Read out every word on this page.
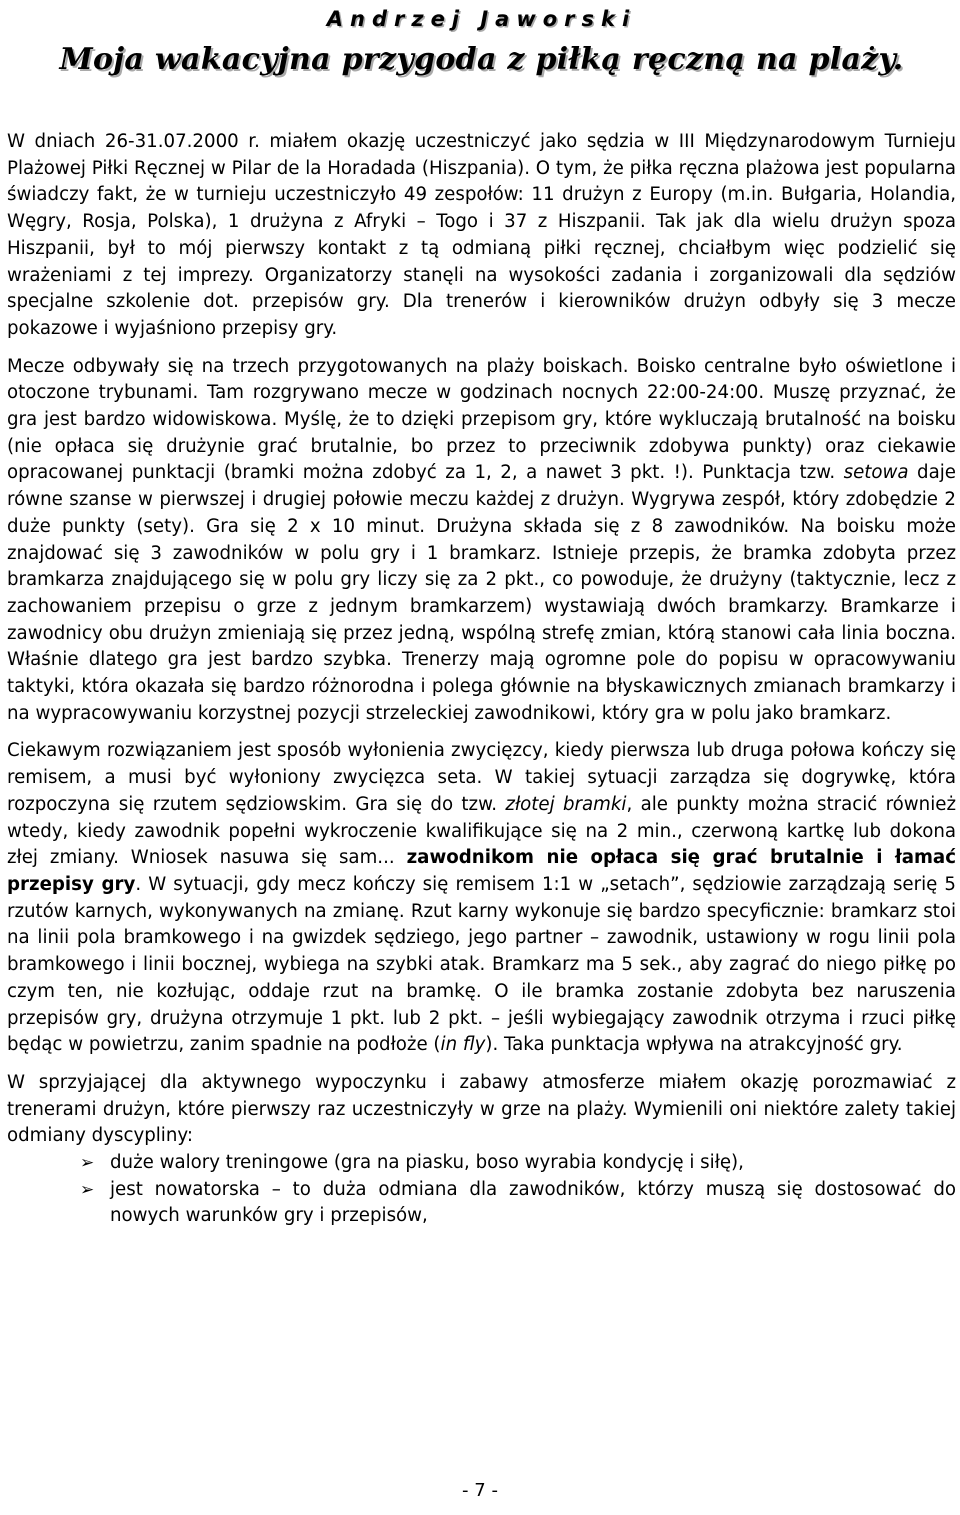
Andrzej Jaworski
Moja wakacyjna przygoda z piłką ręczną na plaży.

W dniach 26-31.07.2000 r. miałem okazję uczestniczyć jako sędzia w III Międzynarodowym Turnieju Plażowej Piłki Ręcznej w Pilar de la Horadada (Hiszpania). O tym, że piłka ręczna plażowa jest popularna świadczy fakt, że w turnieju uczestniczyło 49 zespołów: 11 drużyn z Europy (m.in. Bułgaria, Holandia, Węgry, Rosja, Polska), 1 drużyna z Afryki – Togo i 37 z Hiszpanii. Tak jak dla wielu drużyn spoza Hiszpanii, był to mój pierwszy kontakt z tą odmianą piłki ręcznej, chciałbym więc podzielić się wrażeniami z tej imprezy. Organizatorzy stanęli na wysokości zadania i zorganizowali dla sędziów specjalne szkolenie dot. przepisów gry. Dla trenerów i kierowników drużyn odbyły się 3 mecze pokazowe i wyjaśniono przepisy gry.

Mecze odbywały się na trzech przygotowanych na plaży boiskach. Boisko centralne było oświetlone i otoczone trybunami. Tam rozgrywano mecze w godzinach nocnych 22:00-24:00. Muszę przyznać, że gra jest bardzo widowiskowa. Myślę, że to dzięki przepisom gry, które wykluczają brutalność na boisku (nie opłaca się drużynie grać brutalnie, bo przez to przeciwnik zdobywa punkty) oraz ciekawie opracowanej punktacji (bramki można zdobyć za 1, 2, a nawet 3 pkt. !). Punktacja tzw. setowa daje równe szanse w pierwszej i drugiej połowie meczu każdej z drużyn. Wygrywa zespół, który zdobędzie 2 duże punkty (sety). Gra się 2 x 10 minut. Drużyna składa się z 8 zawodników. Na boisku może znajdować się 3 zawodników w polu gry i 1 bramkarz. Istnieje przepis, że bramka zdobyta przez bramkarza znajdującego się w polu gry liczy się za 2 pkt., co powoduje, że drużyny (taktycznie, lecz z zachowaniem przepisu o grze z jednym bramkarzem) wystawiają dwóch bramkarzy. Bramkarze i zawodnicy obu drużyn zmieniają się przez jedną, wspólną strefę zmian, którą stanowi cała linia boczna. Właśnie dlatego gra jest bardzo szybka. Trenerzy mają ogromne pole do popisu w opracowywaniu taktyki, która okazała się bardzo różnorodna i polega głównie na błyskawicznych zmianach bramkarzy i na wypracowywaniu korzystnej pozycji strzeleckiej zawodnikowi, który gra w polu jako bramkarz.

Ciekawym rozwiązaniem jest sposób wyłonienia zwycięzcy, kiedy pierwsza lub druga połowa kończy się remisem, a musi być wyłoniony zwycięzca seta. W takiej sytuacji zarządza się dogrywkę, która rozpoczyna się rzutem sędziowskim. Gra się do tzw. złotej bramki, ale punkty można stracić również wtedy, kiedy zawodnik popełni wykroczenie kwalifikujące się na 2 min., czerwoną kartkę lub dokona złej zmiany. Wniosek nasuwa się sam... zawodnikom nie opłaca się grać brutalnie i łamać przepisy gry. W sytuacji, gdy mecz kończy się remisem 1:1 w „setach”, sędziowie zarządzają serię 5 rzutów karnych, wykonywanych na zmianę. Rzut karny wykonuje się bardzo specyficznie: bramkarz stoi na linii pola bramkowego i na gwizdek sędziego, jego partner – zawodnik, ustawiony w rogu linii pola bramkowego i linii bocznej, wybiega na szybki atak. Bramkarz ma 5 sek., aby zagrać do niego piłkę po czym ten, nie kozłując, oddaje rzut na bramkę. O ile bramka zostanie zdobyta bez naruszenia przepisów gry, drużyna otrzymuje 1 pkt. lub 2 pkt. – jeśli wybiegający zawodnik otrzyma i rzuci piłkę będąc w powietrzu, zanim spadnie na podłoże (in fly). Taka punktacja wpływa na atrakcyjność gry.

W sprzyjającej dla aktywnego wypoczynku i zabawy atmosferze miałem okazję porozmawiać z trenerami drużyn, które pierwszy raz uczestniczyły w grze na plaży. Wymienili oni niektóre zalety takiej odmiany dyscypliny:

➢ duże walory treningowe (gra na piasku, boso wyrabia kondycję i siłę),
➢ jest nowatorska – to duża odmiana dla zawodników, którzy muszą się dostosować do nowych warunków gry i przepisów,
- 7 -
